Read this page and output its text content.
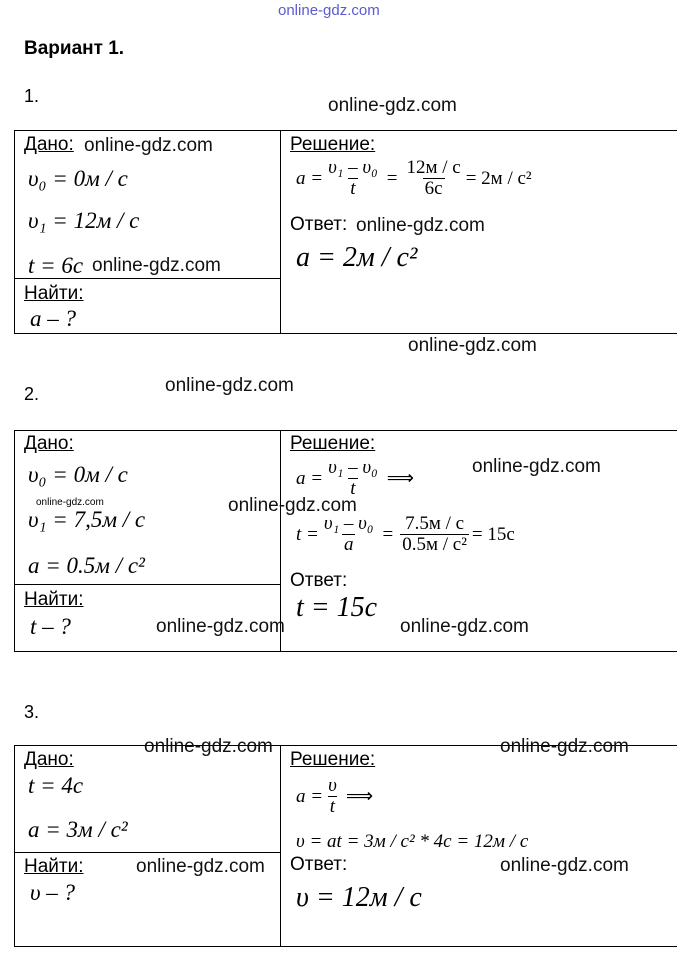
online-gdz.com
Вариант 1.
1.	online-gdz.com
Дано: online-gdz.com
υ₀ = 0м / с
υ₁ = 12м / с
t = 6с online-gdz.com
Найти:
a – ?
Решение:
$a = \frac{\text{υ₁ – υ₀}}{t} = \frac{12м / с}{6с} = 2м / с^2$
Ответ: online-gdz.com
a = 2м / с²
online-gdz.com
2.	online-gdz.com
Дано:
υ₀ = 0м / с
online-gdz.com
υ₁ = 7,5м / с
a = 0.5м / с²
Найти:
t – ?
Решение:
$a = \frac{\text{υ₁ – υ₀}}{t}$ ⟹
online-gdz.com
online-gdz.com
$t = \frac{\text{υ₁ – υ₀}}{a} = \frac{7.5м / с}{\text{0.5м / с²}} = 15с$
Ответ:
t = 15с
online-gdz.com	online-gdz.com
3.
online-gdz.com	online-gdz.com
Дано:
t = 4с
a = 3м / с²
Найти:	online-gdz.com
υ – ?
Решение:
$a = \frac{\upsilon}{t}$ ⟹
υ = at = 3м / с² * 4с = 12м / с
Ответ:	online-gdz.com
υ = 12м / с
